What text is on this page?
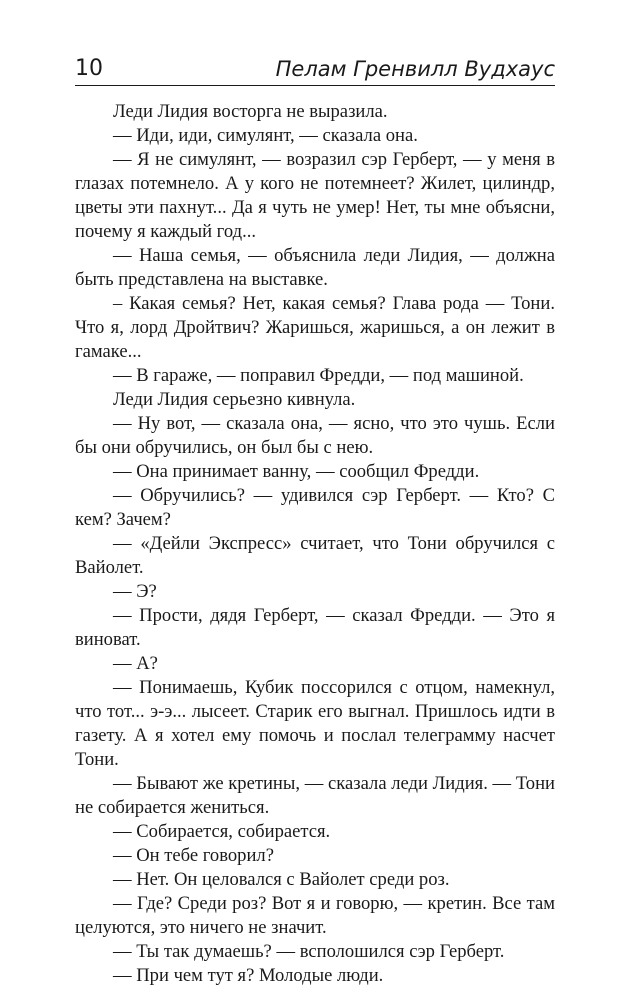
10	Пелам Гренвилл Вудхаус

Леди Лидия восторга не выразила.

— Иди, иди, симулянт, — сказала она.

— Я не симулянт, — возразил сэр Герберт, — у меня в глазах потемнело. А у кого не потемнеет? Жилет, цилиндр, цветы эти пахнут... Да я чуть не умер! Нет, ты мне объясни, почему я каждый год...

— Наша семья, — объяснила леди Лидия, — должна быть представлена на выставке.

– Какая семья? Нет, какая семья? Глава рода — Тони. Что я, лорд Дройтвич? Жаришься, жаришься, а он лежит в гамаке...

— В гараже, — поправил Фредди, — под машиной.

Леди Лидия серьезно кивнула.

— Ну вот, — сказала она, — ясно, что это чушь. Если бы они обручились, он был бы с нею.

— Она принимает ванну, — сообщил Фредди.

— Обручились? — удивился сэр Герберт. — Кто? С кем? Зачем?

— «Дейли Экспресс» считает, что Тони обручился с Вайолет.

— Э?

— Прости, дядя Герберт, — сказал Фредди. — Это я виноват.

— А?

— Понимаешь, Кубик поссорился с отцом, намекнул, что тот... э-э... лысеет. Старик его выгнал. Пришлось идти в газету. А я хотел ему помочь и послал телеграмму насчет Тони.

— Бывают же кретины, — сказала леди Лидия. — Тони не собирается жениться.

— Собирается, собирается.

— Он тебе говорил?

— Нет. Он целовался с Вайолет среди роз.

— Где? Среди роз? Вот я и говорю, — кретин. Все там целуются, это ничего не значит.

— Ты так думаешь? — всполошился сэр Герберт.

— При чем тут я? Молодые люди.
